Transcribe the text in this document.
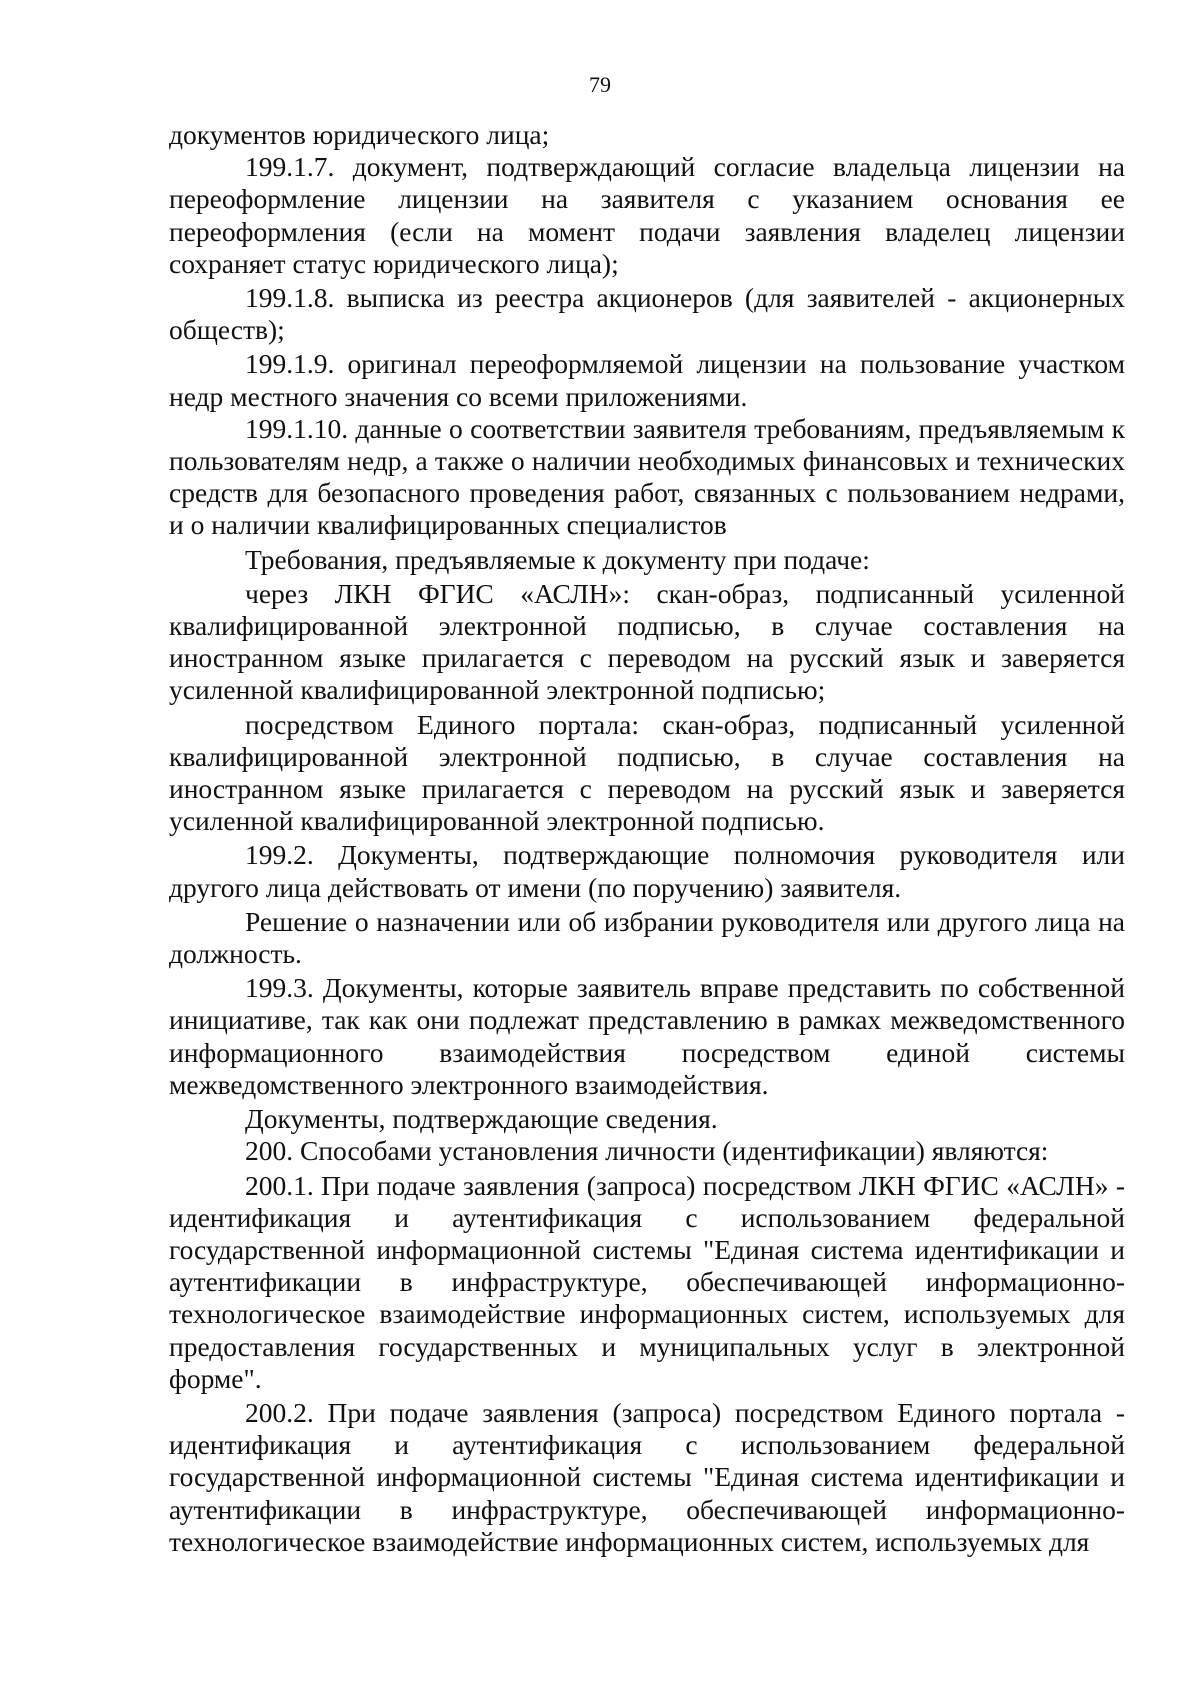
79

документов юридического лица;

199.1.7. документ, подтверждающий согласие владельца лицензии на переоформление лицензии на заявителя с указанием основания ее переоформления (если на момент подачи заявления владелец лицензии сохраняет статус юридического лица);

199.1.8. выписка из реестра акционеров (для заявителей - акционерных обществ);

199.1.9. оригинал переоформляемой лицензии на пользование участком недр местного значения со всеми приложениями.

199.1.10. данные о соответствии заявителя требованиям, предъявляемым к пользователям недр, а также о наличии необходимых финансовых и технических средств для безопасного проведения работ, связанных с пользованием недрами, и о наличии квалифицированных специалистов

Требования, предъявляемые к документу при подаче:

через ЛКН ФГИС «АСЛН»: скан-образ, подписанный усиленной квалифицированной электронной подписью, в случае составления на иностранном языке прилагается с переводом на русский язык и заверяется усиленной квалифицированной электронной подписью;

посредством Единого портала: скан-образ, подписанный усиленной квалифицированной электронной подписью, в случае составления на иностранном языке прилагается с переводом на русский язык и заверяется усиленной квалифицированной электронной подписью.

199.2. Документы, подтверждающие полномочия руководителя или другого лица действовать от имени (по поручению) заявителя.

Решение о назначении или об избрании руководителя или другого лица на должность.

199.3. Документы, которые заявитель вправе представить по собственной инициативе, так как они подлежат представлению в рамках межведомственного информационного взаимодействия посредством единой системы межведомственного электронного взаимодействия.

Документы, подтверждающие сведения.

200. Способами установления личности (идентификации) являются:

200.1. При подаче заявления (запроса) посредством ЛКН ФГИС «АСЛН» - идентификация и аутентификация с использованием федеральной государственной информационной системы "Единая система идентификации и аутентификации в инфраструктуре, обеспечивающей информационно-технологическое взаимодействие информационных систем, используемых для предоставления государственных и муниципальных услуг в электронной форме".

200.2. При подаче заявления (запроса) посредством Единого портала - идентификация и аутентификация с использованием федеральной государственной информационной системы "Единая система идентификации и аутентификации в инфраструктуре, обеспечивающей информационно-технологическое взаимодействие информационных систем, используемых для
